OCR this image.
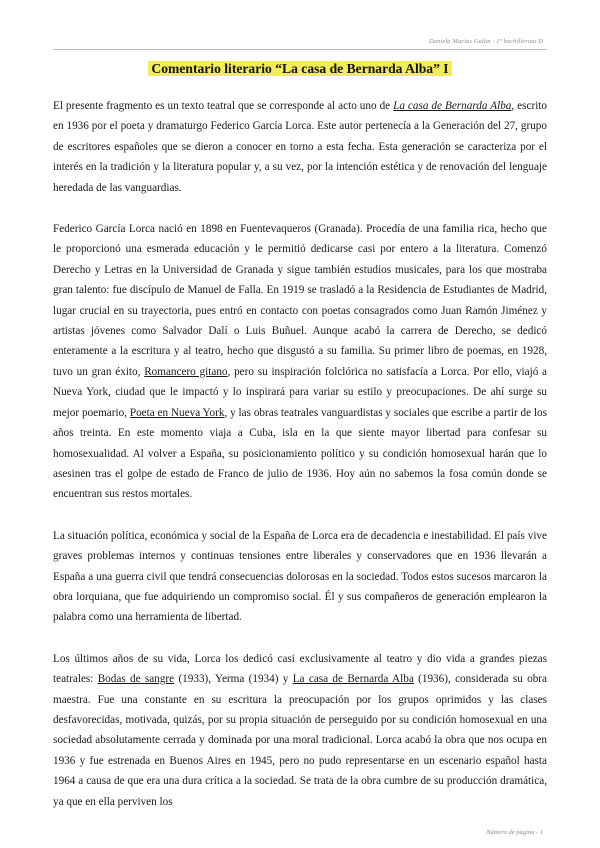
Daniela Macías Galán - 1º bachillerato D
Comentario literario “La casa de Bernarda Alba” I

El presente fragmento es un texto teatral que se corresponde al acto uno de La casa de Bernarda Alba, escrito en 1936 por el poeta y dramaturgo Federico García Lorca. Este autor pertenecía a la Generación del 27, grupo de escritores españoles que se dieron a conocer en torno a esta fecha. Esta generación se caracteriza por el interés en la tradición y la literatura popular y, a su vez, por la intención estética y de renovación del lenguaje heredada de las vanguardias.

Federico García Lorca nació en 1898 en Fuentevaqueros (Granada). Procedía de una familia rica, hecho que le proporcionó una esmerada educación y le permitió dedicarse casi por entero a la literatura. Comenzó Derecho y Letras en la Universidad de Granada y sigue también estudios musicales, para los que mostraba gran talento: fue discípulo de Manuel de Falla. En 1919 se trasladó a la Residencia de Estudiantes de Madrid, lugar crucial en su trayectoria, pues entró en contacto con poetas consagrados como Juan Ramón Jiménez y artistas jóvenes como Salvador Dalí o Luis Buñuel. Aunque acabó la carrera de Derecho, se dedicó enteramente a la escritura y al teatro, hecho que disgustó a su familia. Su primer libro de poemas, en 1928, tuvo un gran éxito, Romancero gitano, pero su inspiración folclórica no satisfacía a Lorca. Por ello, viajó a Nueva York, ciudad que le impactó y lo inspirará para variar su estilo y preocupaciones. De ahí surge su mejor poemario, Poeta en Nueva York, y las obras teatrales vanguardistas y sociales que escribe a partir de los años treinta. En este momento viaja a Cuba, isla en la que siente mayor libertad para confesar su homosexualidad. Al volver a España, su posicionamiento político y su condición homosexual harán que lo asesinen tras el golpe de estado de Franco de julio de 1936. Hoy aún no sabemos la fosa común donde se encuentran sus restos mortales.

La situación política, económica y social de la España de Lorca era de decadencia e inestabilidad. El país vive graves problemas internos y continuas tensiones entre liberales y conservadores que en 1936 llevarán a España a una guerra civil que tendrá consecuencias dolorosas en la sociedad. Todos estos sucesos marcaron la obra lorquiana, que fue adquiriendo un compromiso social. Él y sus compañeros de generación emplearon la palabra como una herramienta de libertad.

Los últimos años de su vida, Lorca los dedicó casi exclusivamente al teatro y dio vida a grandes piezas teatrales: Bodas de sangre (1933), Yerma (1934) y La casa de Bernarda Alba (1936), considerada su obra maestra. Fue una constante en su escritura la preocupación por los grupos oprimidos y las clases desfavorecidas, motivada, quizás, por su propia situación de perseguido por su condición homosexual en una sociedad absolutamente cerrada y dominada por una moral tradicional. Lorca acabó la obra que nos ocupa en 1936 y fue estrenada en Buenos Aires en 1945, pero no pudo representarse en un escenario español hasta 1964 a causa de que era una dura crítica a la sociedad. Se trata de la obra cumbre de su producción dramática, ya que en ella perviven los

Número de página - 1
